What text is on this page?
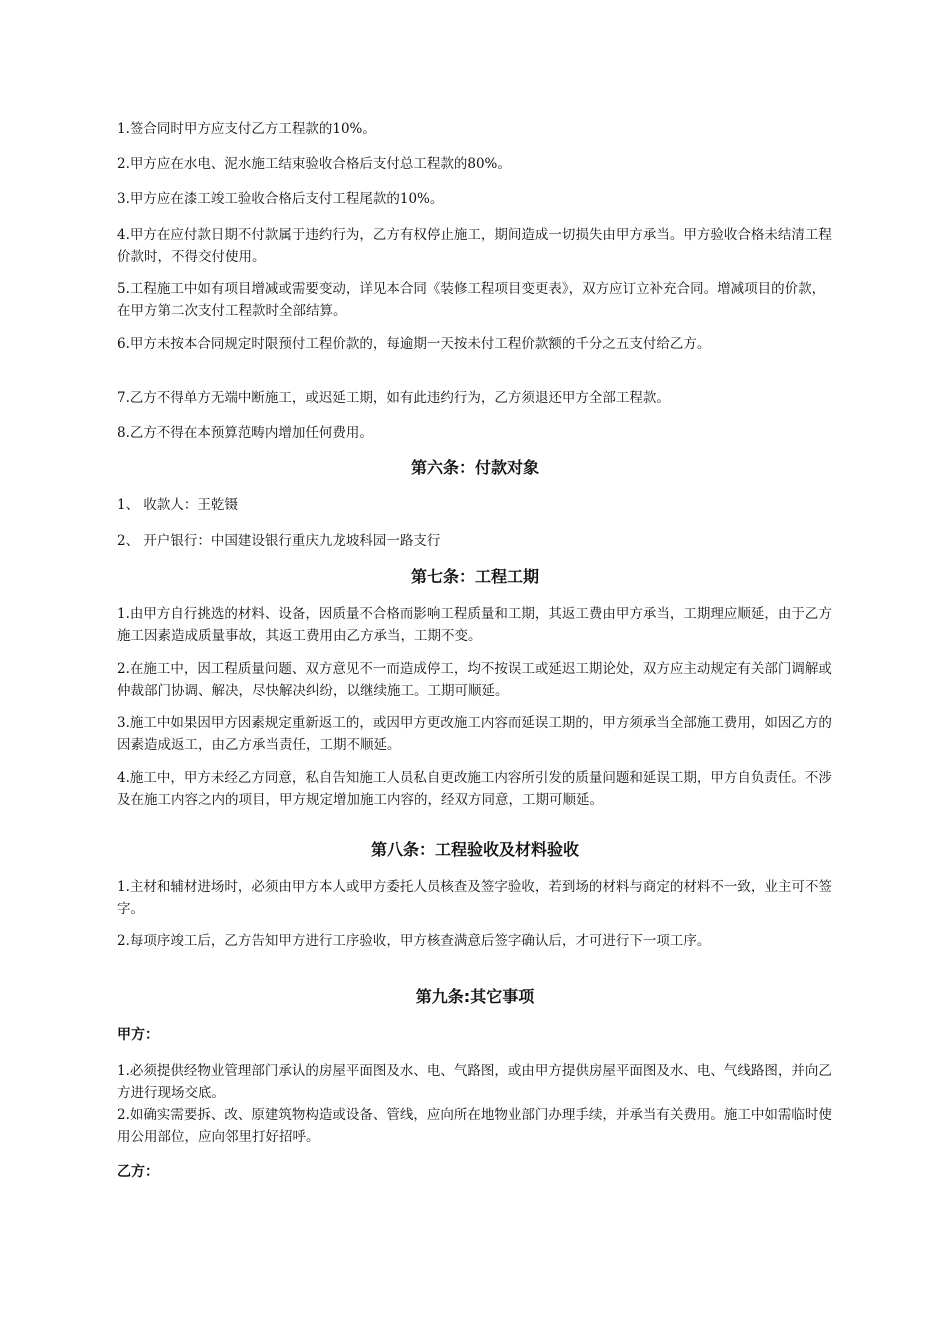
1.签合同时甲方应支付乙方工程款的10%。

2.甲方应在水电、泥水施工结束验收合格后支付总工程款的80%。

3.甲方应在漆工竣工验收合格后支付工程尾款的10%。

4.甲方在应付款日期不付款属于违约行为，乙方有权停止施工，期间造成一切损失由甲方承当。甲方验收合格未结清工程价款时，不得交付使用。

5.工程施工中如有项目增减或需要变动，详见本合同《装修工程项目变更表》，双方应订立补充合同。增减项目的价款，在甲方第二次支付工程款时全部结算。

6.甲方未按本合同规定时限预付工程价款的，每逾期一天按未付工程价款额的千分之五支付给乙方。

7.乙方不得单方无端中断施工，或迟延工期，如有此违约行为，乙方须退还甲方全部工程款。

8.乙方不得在本预算范畴内增加任何费用。

第六条：付款对象

1、 收款人：王乾镊

2、 开户银行：中国建设银行重庆九龙坡科园一路支行

第七条：工程工期

1.由甲方自行挑选的材料、设备，因质量不合格而影响工程质量和工期，其返工费由甲方承当，工期理应顺延，由于乙方施工因素造成质量事故，其返工费用由乙方承当，工期不变。

2.在施工中，因工程质量问题、双方意见不一而造成停工，均不按误工或延迟工期论处，双方应主动规定有关部门调解或仲裁部门协调、解决，尽快解决纠纷，以继续施工。工期可顺延。

3.施工中如果因甲方因素规定重新返工的，或因甲方更改施工内容而延误工期的，甲方须承当全部施工费用，如因乙方的因素造成返工，由乙方承当责任，工期不顺延。

4.施工中，甲方未经乙方同意，私自告知施工人员私自更改施工内容所引发的质量问题和延误工期，甲方自负责任。不涉及在施工内容之内的项目，甲方规定增加施工内容的，经双方同意，工期可顺延。

第八条：工程验收及材料验收

1.主材和辅材进场时，必须由甲方本人或甲方委托人员核查及签字验收，若到场的材料与商定的材料不一致，业主可不签字。

2.每项序竣工后，乙方告知甲方进行工序验收，甲方核查满意后签字确认后，才可进行下一项工序。

第九条:其它事项

甲方：

1.必须提供经物业管理部门承认的房屋平面图及水、电、气路图，或由甲方提供房屋平面图及水、电、气线路图，并向乙方进行现场交底。

2.如确实需要拆、改、原建筑物构造或设备、管线，应向所在地物业部门办理手续，并承当有关费用。施工中如需临时使用公用部位，应向邻里打好招呼。

乙方：
